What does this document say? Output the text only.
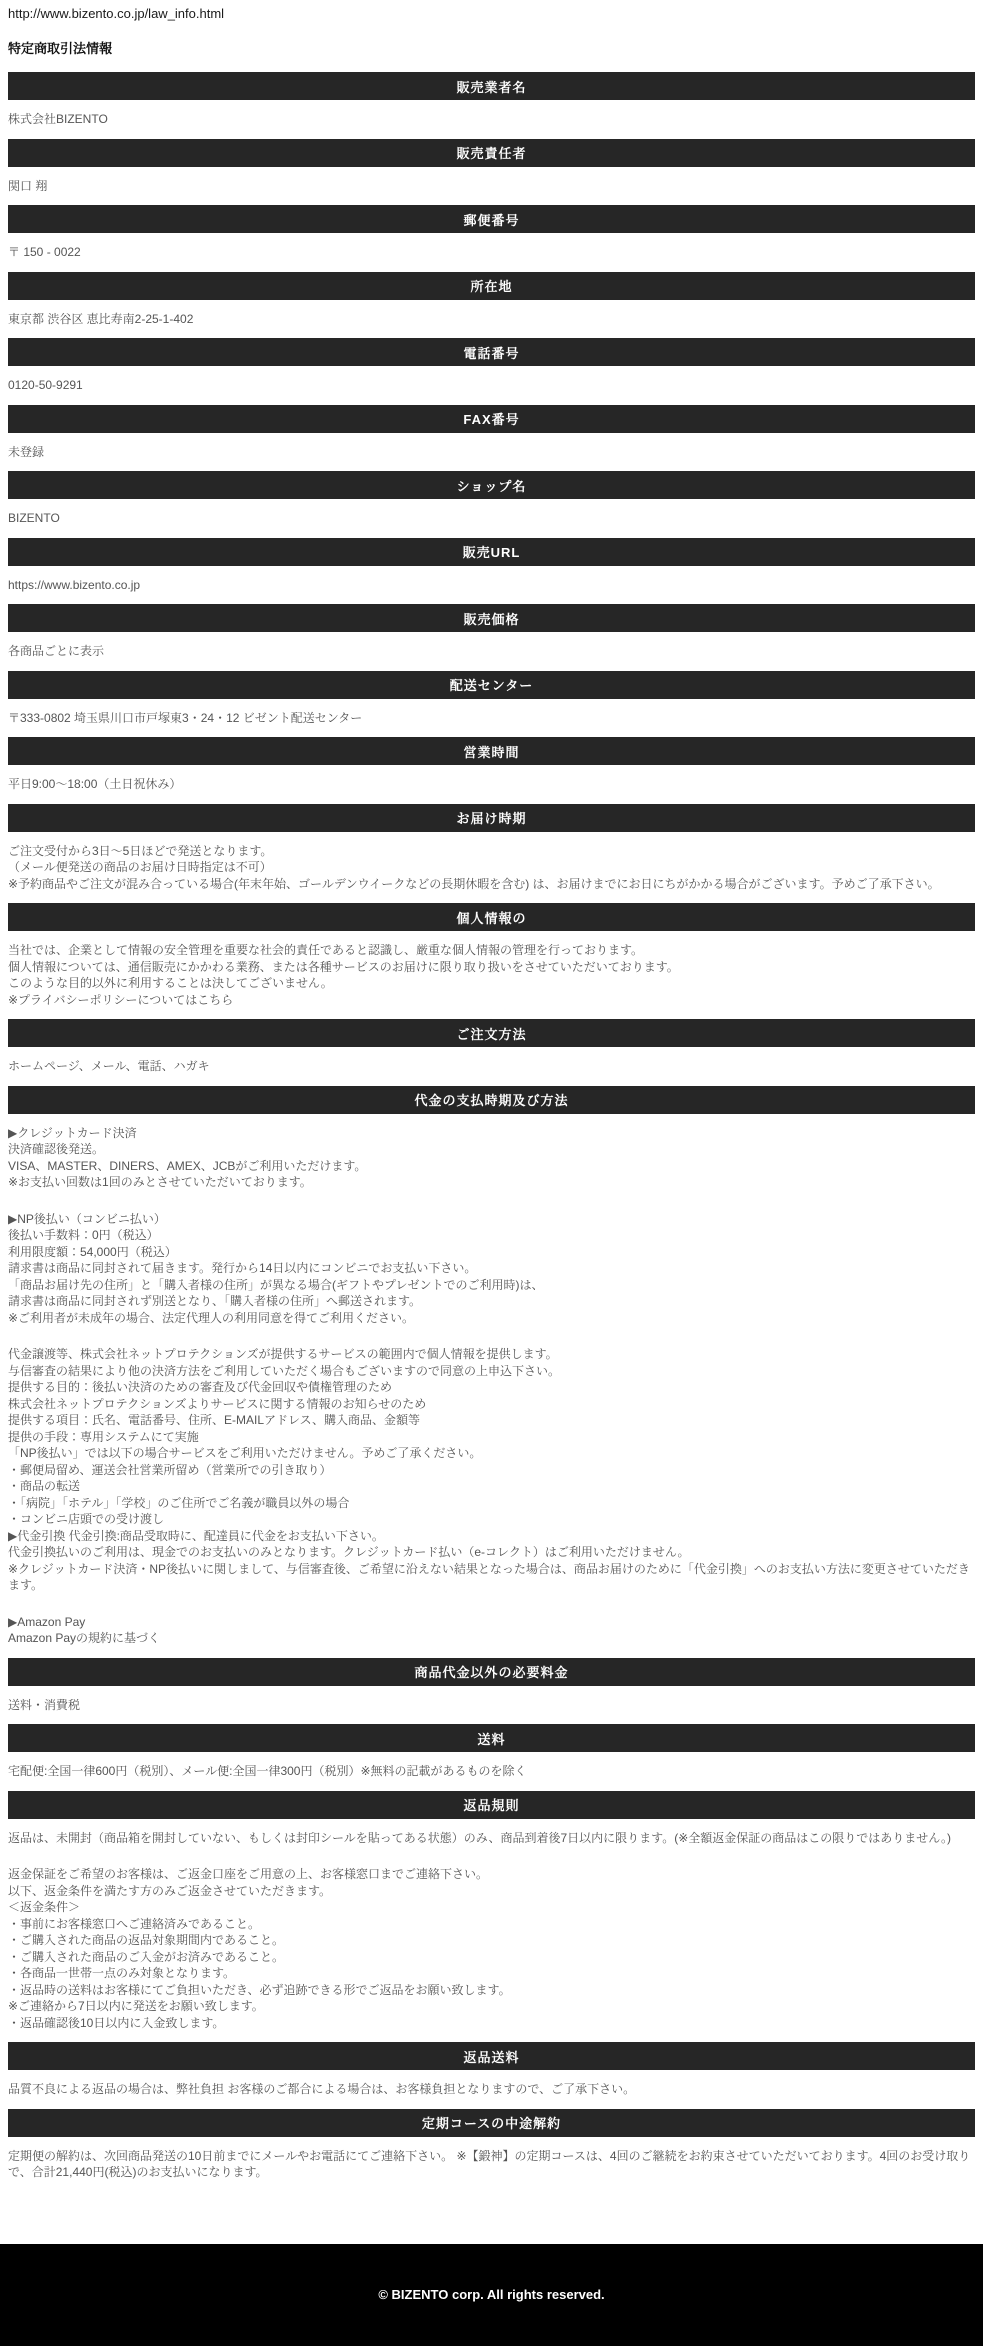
http://www.bizento.co.jp/law_info.html
特定商取引法情報
販売業者名
株式会社BIZENTO
販売責任者
関口 翔
郵便番号
〒 150 - 0022
所在地
東京都 渋谷区 恵比寿南2-25-1-402
電話番号
0120-50-9291
FAX番号
未登録
ショップ名
BIZENTO
販売URL
https://www.bizento.co.jp
販売価格
各商品ごとに表示
配送センター
〒333-0802 埼玉県川口市戸塚東3・24・12 ビゼント配送センター
営業時間
平日9:00〜18:00（土日祝休み）
お届け時期
ご注文受付から3日〜5日ほどで発送となります。
（メール便発送の商品のお届け日時指定は不可）
※予約商品やご注文が混み合っている場合(年末年始、ゴールデンウイークなどの長期休暇を含む) は、お届けまでにお日にちがかかる場合がございます。予めご了承下さい。
個人情報の
当社では、企業として情報の安全管理を重要な社会的責任であると認識し、厳重な個人情報の管理を行っております。
個人情報については、通信販売にかかわる業務、または各種サービスのお届けに限り取り扱いをさせていただいております。
このような目的以外に利用することは決してございません。
※プライバシーポリシーについてはこちら
ご注文方法
ホームページ、メール、電話、ハガキ
代金の支払時期及び方法
▶クレジットカード決済
決済確認後発送。
VISA、MASTER、DINERS、AMEX、JCBがご利用いただけます。
※お支払い回数は1回のみとさせていただいております。
▶NP後払い（コンビニ払い）
後払い手数料：0円（税込）
利用限度額：54,000円（税込）
請求書は商品に同封されて届きます。発行から14日以内にコンビニでお支払い下さい。
「商品お届け先の住所」と「購入者様の住所」が異なる場合(ギフトやプレゼントでのご利用時)は、
請求書は商品に同封されず別送となり、「購入者様の住所」へ郵送されます。
※ご利用者が未成年の場合、法定代理人の利用同意を得てご利用ください。
代金譲渡等、株式会社ネットプロテクションズが提供するサービスの範囲内で個人情報を提供します。
与信審査の結果により他の決済方法をご利用していただく場合もございますので同意の上申込下さい。
提供する目的：後払い決済のための審査及び代金回収や債権管理のため
株式会社ネットプロテクションズよりサービスに関する情報のお知らせのため
提供する項目：氏名、電話番号、住所、E-MAILアドレス、購入商品、金額等
提供の手段：専用システムにて実施
「NP後払い」では以下の場合サービスをご利用いただけません。予めご了承ください。
・郵便局留め、運送会社営業所留め（営業所での引き取り）
・商品の転送
・「病院」「ホテル」「学校」のご住所でご名義が職員以外の場合
・コンビニ店頭での受け渡し
▶代金引換 代金引換:商品受取時に、配達員に代金をお支払い下さい。
代金引換払いのご利用は、現金でのお支払いのみとなります。クレジットカード払い（e-コレクト）はご利用いただけません。
※クレジットカード決済・NP後払いに関しまして、与信審査後、ご希望に沿えない結果となった場合は、商品お届けのために「代金引換」へのお支払い方法に変更させていただきます。
▶Amazon Pay
Amazon Payの規約に基づく
商品代金以外の必要料金
送料・消費税
送料
宅配便:全国一律600円（税別）、メール便:全国一律300円（税別）※無料の記載があるものを除く
返品規則
返品は、未開封（商品箱を開封していない、もしくは封印シールを貼ってある状態）のみ、商品到着後7日以内に限ります。(※全額返金保証の商品はこの限りではありません。)
返金保証をご希望のお客様は、ご返金口座をご用意の上、お客様窓口までご連絡下さい。
以下、返金条件を満たす方のみご返金させていただきます。
＜返金条件＞
・事前にお客様窓口へご連絡済みであること。
・ご購入された商品の返品対象期間内であること。
・ご購入された商品のご入金がお済みであること。
・各商品一世帯一点のみ対象となります。
・返品時の送料はお客様にてご負担いただき、必ず追跡できる形でご返品をお願い致します。
※ご連絡から7日以内に発送をお願い致します。
・返品確認後10日以内に入金致します。
返品送料
品質不良による返品の場合は、弊社負担 お客様のご都合による場合は、お客様負担となりますので、ご了承下さい。
定期コースの中途解約
定期便の解約は、次回商品発送の10日前までにメールやお電話にてご連絡下さい。 ※【鍛神】の定期コースは、4回のご継続をお約束させていただいております。4回のお受け取りで、合計21,440円(税込)のお支払いになります。
© BIZENTO corp. All rights reserved.
